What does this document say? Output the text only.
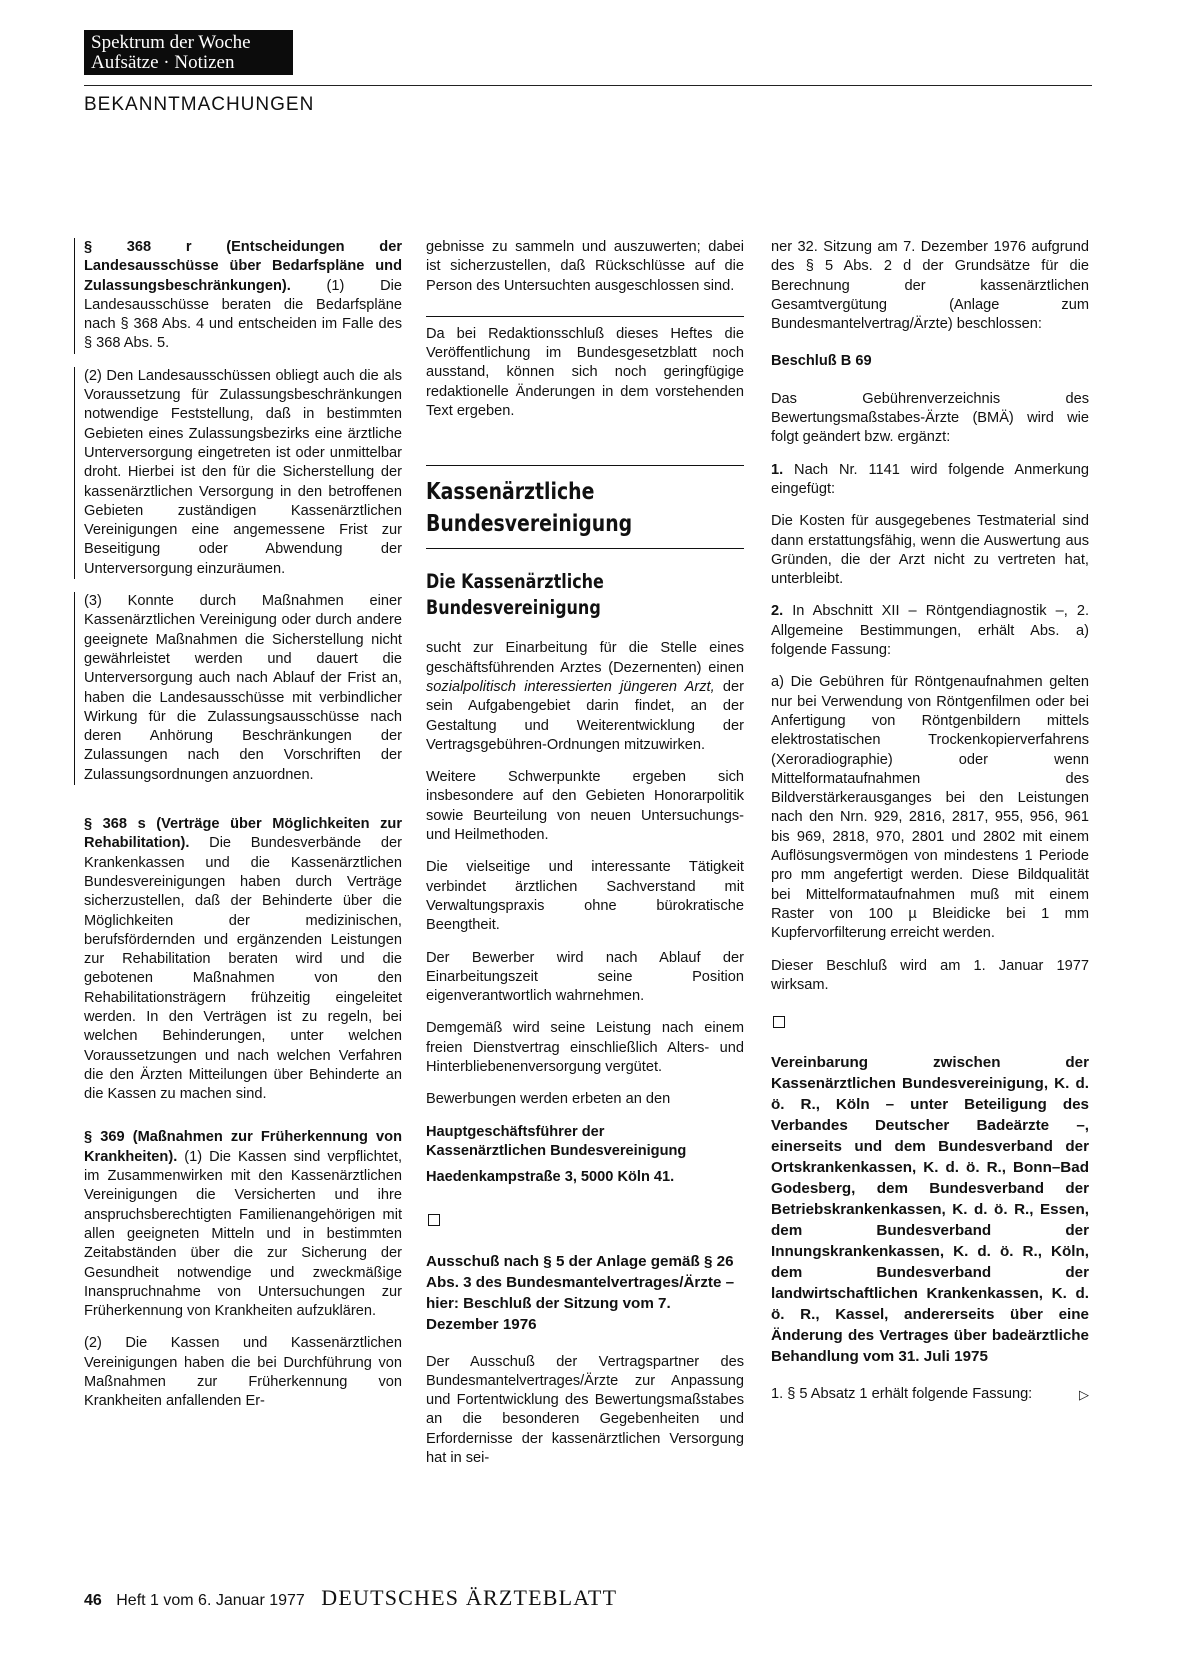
Spektrum der Woche
Aufsätze · Notizen
BEKANNTMACHUNGEN

§ 368 r (Entscheidungen der Landesausschüsse über Bedarfspläne und Zulassungsbeschränkungen). (1) Die Landesausschüsse beraten die Bedarfspläne nach § 368 Abs. 4 und entscheiden im Falle des § 368 Abs. 5.

(2) Den Landesausschüssen obliegt auch die als Voraussetzung für Zulassungsbeschränkungen notwendige Feststellung, daß in bestimmten Gebieten eines Zulassungsbezirks eine ärztliche Unterversorgung eingetreten ist oder unmittelbar droht. Hierbei ist den für die Sicherstellung der kassenärztlichen Versorgung in den betroffenen Gebieten zuständigen Kassenärztlichen Vereinigungen eine angemessene Frist zur Beseitigung oder Abwendung der Unterversorgung einzuräumen.

(3) Konnte durch Maßnahmen einer Kassenärztlichen Vereinigung oder durch andere geeignete Maßnahmen die Sicherstellung nicht gewährleistet werden und dauert die Unterversorgung auch nach Ablauf der Frist an, haben die Landesausschüsse mit verbindlicher Wirkung für die Zulassungsausschüsse nach deren Anhörung Beschränkungen der Zulassungen nach den Vorschriften der Zulassungsordnungen anzuordnen.

§ 368 s (Verträge über Möglichkeiten zur Rehabilitation). Die Bundesverbände der Krankenkassen und die Kassenärztlichen Bundesvereinigungen haben durch Verträge sicherzustellen, daß der Behinderte über die Möglichkeiten der medizinischen, berufsfördernden und ergänzenden Leistungen zur Rehabilitation beraten wird und die gebotenen Maßnahmen von den Rehabilitationsträgern frühzeitig eingeleitet werden. In den Verträgen ist zu regeln, bei welchen Behinderungen, unter welchen Voraussetzungen und nach welchen Verfahren die den Ärzten Mitteilungen über Behinderte an die Kassen zu machen sind.

§ 369 (Maßnahmen zur Früherkennung von Krankheiten). (1) Die Kassen sind verpflichtet, im Zusammenwirken mit den Kassenärztlichen Vereinigungen die Versicherten und ihre anspruchsberechtigten Familienangehörigen mit allen geeigneten Mitteln und in bestimmten Zeitabständen über die zur Sicherung der Gesundheit notwendige und zweckmäßige Inanspruchnahme von Untersuchungen zur Früherkennung von Krankheiten aufzuklären.

(2) Die Kassen und Kassenärztlichen Vereinigungen haben die bei Durchführung von Maßnahmen zur Früherkennung von Krankheiten anfallenden Er-

gebnisse zu sammeln und auszuwerten; dabei ist sicherzustellen, daß Rückschlüsse auf die Person des Untersuchten ausgeschlossen sind.

Da bei Redaktionsschluß dieses Heftes die Veröffentlichung im Bundesgesetzblatt noch ausstand, können sich noch geringfügige redaktionelle Änderungen in dem vorstehenden Text ergeben.

Kassenärztliche
Bundesvereinigung
Die Kassenärztliche
Bundesvereinigung

sucht zur Einarbeitung für die Stelle eines geschäftsführenden Arztes (Dezernenten) einen sozialpolitisch interessierten jüngeren Arzt, der sein Aufgabengebiet darin findet, an der Gestaltung und Weiterentwicklung der Vertragsgebühren-Ordnungen mitzuwirken.

Weitere Schwerpunkte ergeben sich insbesondere auf den Gebieten Honorarpolitik sowie Beurteilung von neuen Untersuchungs- und Heilmethoden.

Die vielseitige und interessante Tätigkeit verbindet ärztlichen Sachverstand mit Verwaltungspraxis ohne bürokratische Beengtheit.

Der Bewerber wird nach Ablauf der Einarbeitungszeit seine Position eigenverantwortlich wahrnehmen.

Demgemäß wird seine Leistung nach einem freien Dienstvertrag einschließlich Alters- und Hinterbliebenenversorgung vergütet.

Bewerbungen werden erbeten an den

Hauptgeschäftsführer der
Kassenärztlichen Bundesvereinigung
Haedenkampstraße 3, 5000 Köln 41.

Ausschuß nach § 5 der Anlage gemäß § 26 Abs. 3 des Bundesmantelvertrages/Ärzte – hier: Beschluß der Sitzung vom 7. Dezember 1976

Der Ausschuß der Vertragspartner des Bundesmantelvertrages/Ärzte zur Anpassung und Fortentwicklung des Bewertungsmaßstabes an die besonderen Gegebenheiten und Erfordernisse der kassenärztlichen Versorgung hat in sei-

ner 32. Sitzung am 7. Dezember 1976 aufgrund des § 5 Abs. 2 d der Grundsätze für die Berechnung der kassenärztlichen Gesamtvergütung (Anlage zum Bundesmantelvertrag/Ärzte) beschlossen:

Beschluß B 69

Das Gebührenverzeichnis des Bewertungsmaßstabes-Ärzte (BMÄ) wird wie folgt geändert bzw. ergänzt:

1. Nach Nr. 1141 wird folgende Anmerkung eingefügt:

Die Kosten für ausgegebenes Testmaterial sind dann erstattungsfähig, wenn die Auswertung aus Gründen, die der Arzt nicht zu vertreten hat, unterbleibt.

2. In Abschnitt XII – Röntgendiagnostik –, 2. Allgemeine Bestimmungen, erhält Abs. a) folgende Fassung:

a) Die Gebühren für Röntgenaufnahmen gelten nur bei Verwendung von Röntgenfilmen oder bei Anfertigung von Röntgenbildern mittels elektrostatischen Trockenkopierverfahrens (Xeroradiographie) oder wenn Mittelformataufnahmen des Bildverstärkerausganges bei den Leistungen nach den Nrn. 929, 2816, 2817, 955, 956, 961 bis 969, 2818, 970, 2801 und 2802 mit einem Auflösungsvermögen von mindestens 1 Periode pro mm angefertigt werden. Diese Bildqualität bei Mittelformataufnahmen muß mit einem Raster von 100 µ Bleidicke bei 1 mm Kupfervorfilterung erreicht werden.

Dieser Beschluß wird am 1. Januar 1977 wirksam.

Vereinbarung zwischen der Kassenärztlichen Bundesvereinigung, K. d. ö. R., Köln – unter Beteiligung des Verbandes Deutscher Badeärzte –, einerseits und dem Bundesverband der Ortskrankenkassen, K. d. ö. R., Bonn–Bad Godesberg, dem Bundesverband der Betriebskrankenkassen, K. d. ö. R., Essen, dem Bundesverband der Innungskrankenkassen, K. d. ö. R., Köln, dem Bundesverband der landwirtschaftlichen Krankenkassen, K. d. ö. R., Kassel, andererseits über eine Änderung des Vertrages über badeärztliche Behandlung vom 31. Juli 1975

1. § 5 Absatz 1 erhält folgende Fassung:	▷

46 Heft 1 vom 6. Januar 1977 DEUTSCHES ÄRZTEBLATT
